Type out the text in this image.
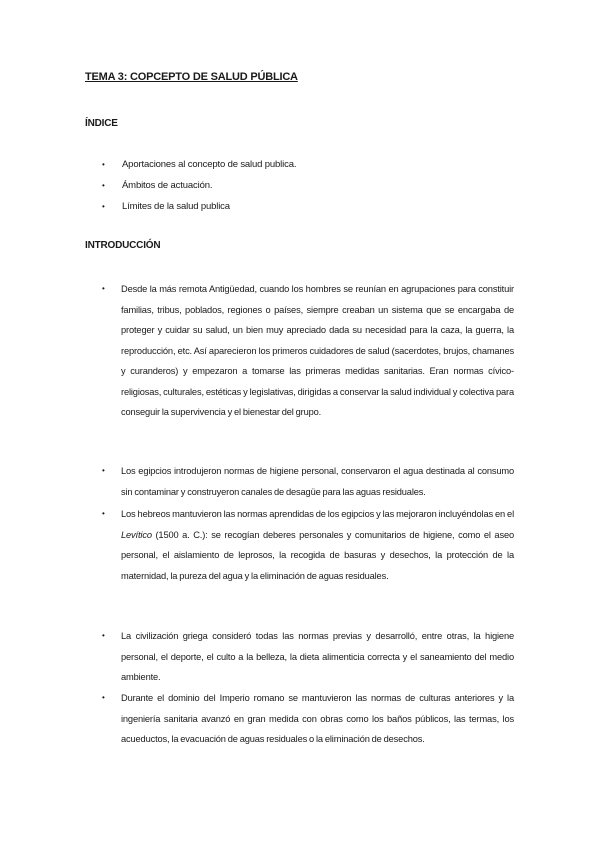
TEMA 3: COPCEPTO DE SALUD PÚBLICA
ÍNDICE
• Aportaciones al concepto de salud publica.
• Ámbitos de actuación.
• Límites de la salud publica
INTRODUCCIÓN
• Desde la más remota Antigüedad, cuando los hombres se reunían en agrupaciones para constituir familias, tribus, poblados, regiones o países, siempre creaban un sistema que se encargaba de proteger y cuidar su salud, un bien muy apreciado dada su necesidad para la caza, la guerra, la reproducción, etc. Así aparecieron los primeros cuidadores de salud (sacerdotes, brujos, chamanes y curanderos) y empezaron a tomarse las primeras medidas sanitarias. Eran normas cívico-religiosas, culturales, estéticas y legislativas, dirigidas a conservar la salud individual y colectiva para conseguir la supervivencia y el bienestar del grupo.

• Los egipcios introdujeron normas de higiene personal, conservaron el agua destinada al consumo sin contaminar y construyeron canales de desagüe para las aguas residuales.

• Los hebreos mantuvieron las normas aprendidas de los egipcios y las mejoraron incluyéndolas en el Levítico (1500 a. C.): se recogían deberes personales y comunitarios de higiene, como el aseo personal, el aislamiento de leprosos, la recogida de basuras y desechos, la protección de la maternidad, la pureza del agua y la eliminación de aguas residuales.

• La civilización griega consideró todas las normas previas y desarrolló, entre otras, la higiene personal, el deporte, el culto a la belleza, la dieta alimenticia correcta y el saneamiento del medio ambiente.

• Durante el dominio del Imperio romano se mantuvieron las normas de culturas anteriores y la ingeniería sanitaria avanzó en gran medida con obras como los baños públicos, las termas, los acueductos, la evacuación de aguas residuales o la eliminación de desechos.
